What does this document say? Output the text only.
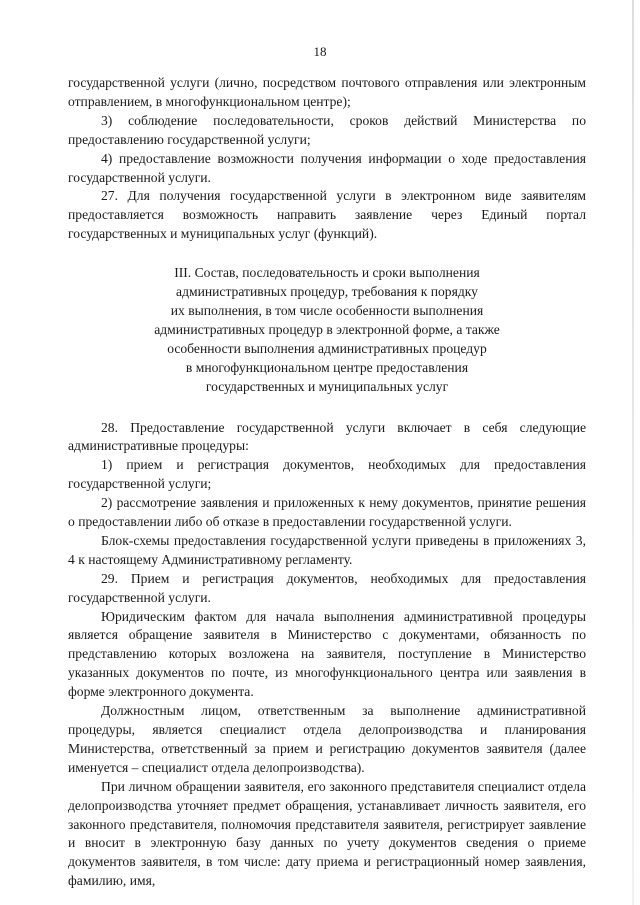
18

государственной услуги (лично, посредством почтового отправления или электронным отправлением, в многофункциональном центре);

3) соблюдение последовательности, сроков действий Министерства по предоставлению государственной услуги;

4) предоставление возможности получения информации о ходе предоставления государственной услуги.

27. Для получения государственной услуги в электронном виде заявителям предоставляется возможность направить заявление через Единый портал государственных и муниципальных услуг (функций).

III. Состав, последовательность и сроки выполнения
административных процедур, требования к порядку
их выполнения, в том числе особенности выполнения
административных процедур в электронной форме, а также
особенности выполнения административных процедур
в многофункциональном центре предоставления
государственных и муниципальных услуг

28. Предоставление государственной услуги включает в себя следующие административные процедуры:

1) прием и регистрация документов, необходимых для предоставления государственной услуги;

2) рассмотрение заявления и приложенных к нему документов, принятие решения о предоставлении либо об отказе в предоставлении государственной услуги.

Блок-схемы предоставления государственной услуги приведены в приложениях 3, 4 к настоящему Административному регламенту.

29. Прием и регистрация документов, необходимых для предоставления государственной услуги.

Юридическим фактом для начала выполнения административной процедуры является обращение заявителя в Министерство с документами, обязанность по представлению которых возложена на заявителя, поступление в Министерство указанных документов по почте, из многофункционального центра или заявления в форме электронного документа.

Должностным лицом, ответственным за выполнение административной процедуры, является специалист отдела делопроизводства и планирования Министерства, ответственный за прием и регистрацию документов заявителя (далее именуется – специалист отдела делопроизводства).

При личном обращении заявителя, его законного представителя специалист отдела делопроизводства уточняет предмет обращения, устанавливает личность заявителя, его законного представителя, полномочия представителя заявителя, регистрирует заявление и вносит в электронную базу данных по учету документов сведения о приеме документов заявителя, в том числе: дату приема и регистрационный номер заявления, фамилию, имя,
